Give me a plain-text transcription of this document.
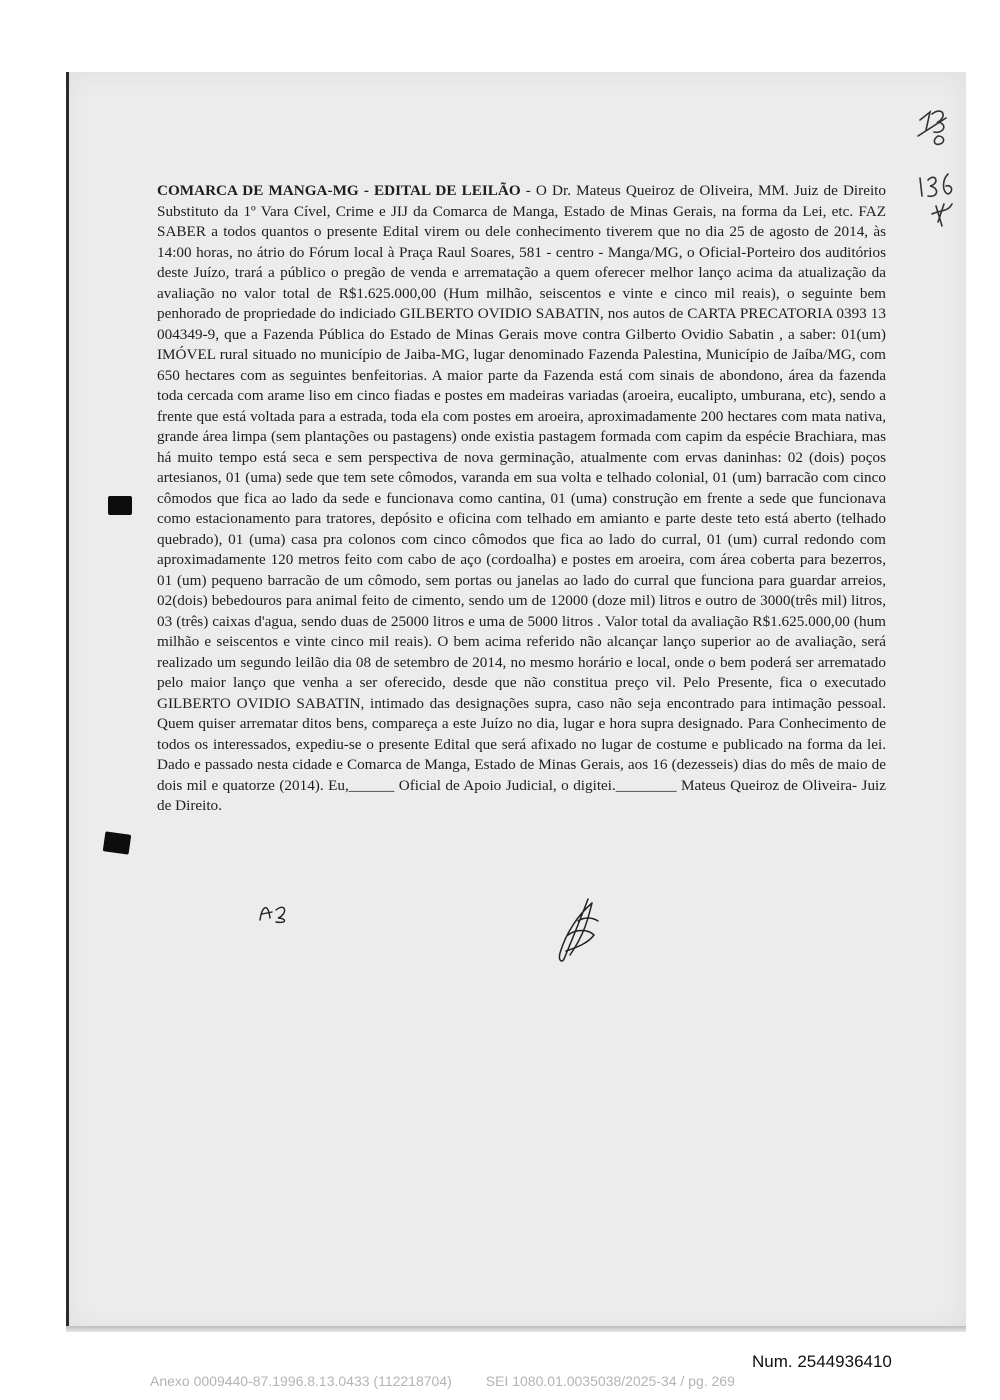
COMARCA DE MANGA-MG - EDITAL DE LEILÃO - O Dr. Mateus Queiroz de Oliveira, MM. Juiz de Direito Substituto da 1º Vara Cível, Crime e JIJ da Comarca de Manga, Estado de Minas Gerais, na forma da Lei, etc. FAZ SABER a todos quantos o presente Edital virem ou dele conhecimento tiverem que no dia 25 de agosto de 2014, às 14:00 horas, no átrio do Fórum local à Praça Raul Soares, 581 - centro - Manga/MG, o Oficial-Porteiro dos auditórios deste Juízo, trará a público o pregão de venda e arrematação a quem oferecer melhor lanço acima da atualização da avaliação no valor total de R$1.625.000,00 (Hum milhão, seiscentos e vinte e cinco mil reais), o seguinte bem penhorado de propriedade do indiciado GILBERTO OVIDIO SABATIN, nos autos de CARTA PRECATORIA 0393 13 004349-9, que a Fazenda Pública do Estado de Minas Gerais move contra Gilberto Ovidio Sabatin , a saber: 01(um) IMÓVEL rural situado no município de Jaiba-MG, lugar denominado Fazenda Palestina, Município de Jaíba/MG, com 650 hectares com as seguintes benfeitorias. A maior parte da Fazenda está com sinais de abondono, área da fazenda toda cercada com arame liso em cinco fiadas e postes em madeiras variadas (aroeira, eucalipto, umburana, etc), sendo a frente que está voltada para a estrada, toda ela com postes em aroeira, aproximadamente 200 hectares com mata nativa, grande área limpa (sem plantações ou pastagens) onde existia pastagem formada com capim da espécie Brachiara, mas há muito tempo está seca e sem perspectiva de nova germinação, atualmente com ervas daninhas: 02 (dois) poços artesianos, 01 (uma) sede que tem sete cômodos, varanda em sua volta e telhado colonial, 01 (um) barracão com cinco cômodos que fica ao lado da sede e funcionava como cantina, 01 (uma) construção em frente a sede que funcionava como estacionamento para tratores, depósito e oficina com telhado em amianto e parte deste teto está aberto (telhado quebrado), 01 (uma) casa pra colonos com cinco cômodos que fica ao lado do curral, 01 (um) curral redondo com aproximadamente 120 metros feito com cabo de aço (cordoalha) e postes em aroeira, com área coberta para bezerros, 01 (um) pequeno barracão de um cômodo, sem portas ou janelas ao lado do curral que funciona para guardar arreios, 02(dois) bebedouros para animal feito de cimento, sendo um de 12000 (doze mil) litros e outro de 3000(três mil) litros, 03 (três) caixas d'agua, sendo duas de 25000 litros e uma de 5000 litros . Valor total da avaliação R$1.625.000,00 (hum milhão e seiscentos e vinte cinco mil reais). O bem acima referido não alcançar lanço superior ao de avaliação, será realizado um segundo leilão dia 08 de setembro de 2014, no mesmo horário e local, onde o bem poderá ser arrematado pelo maior lanço que venha a ser oferecido, desde que não constitua preço vil. Pelo Presente, fica o executado GILBERTO OVIDIO SABATIN, intimado das designações supra, caso não seja encontrado para intimação pessoal. Quem quiser arrematar ditos bens, compareça a este Juízo no dia, lugar e hora supra designado. Para Conhecimento de todos os interessados, expediu-se o presente Edital que será afixado no lugar de costume e publicado na forma da lei. Dado e passado nesta cidade e Comarca de Manga, Estado de Minas Gerais, aos 16 (dezesseis) dias do mês de maio de dois mil e quatorze (2014). Eu,______ Oficial de Apoio Judicial, o digitei.________ Mateus Queiroz de Oliveira- Juiz de Direito.

Num. 2544936410
Anexo 0009440-87.1996.8.13.0433 (112218704) SEI 1080.01.0035038/2025-34 / pg. 269
